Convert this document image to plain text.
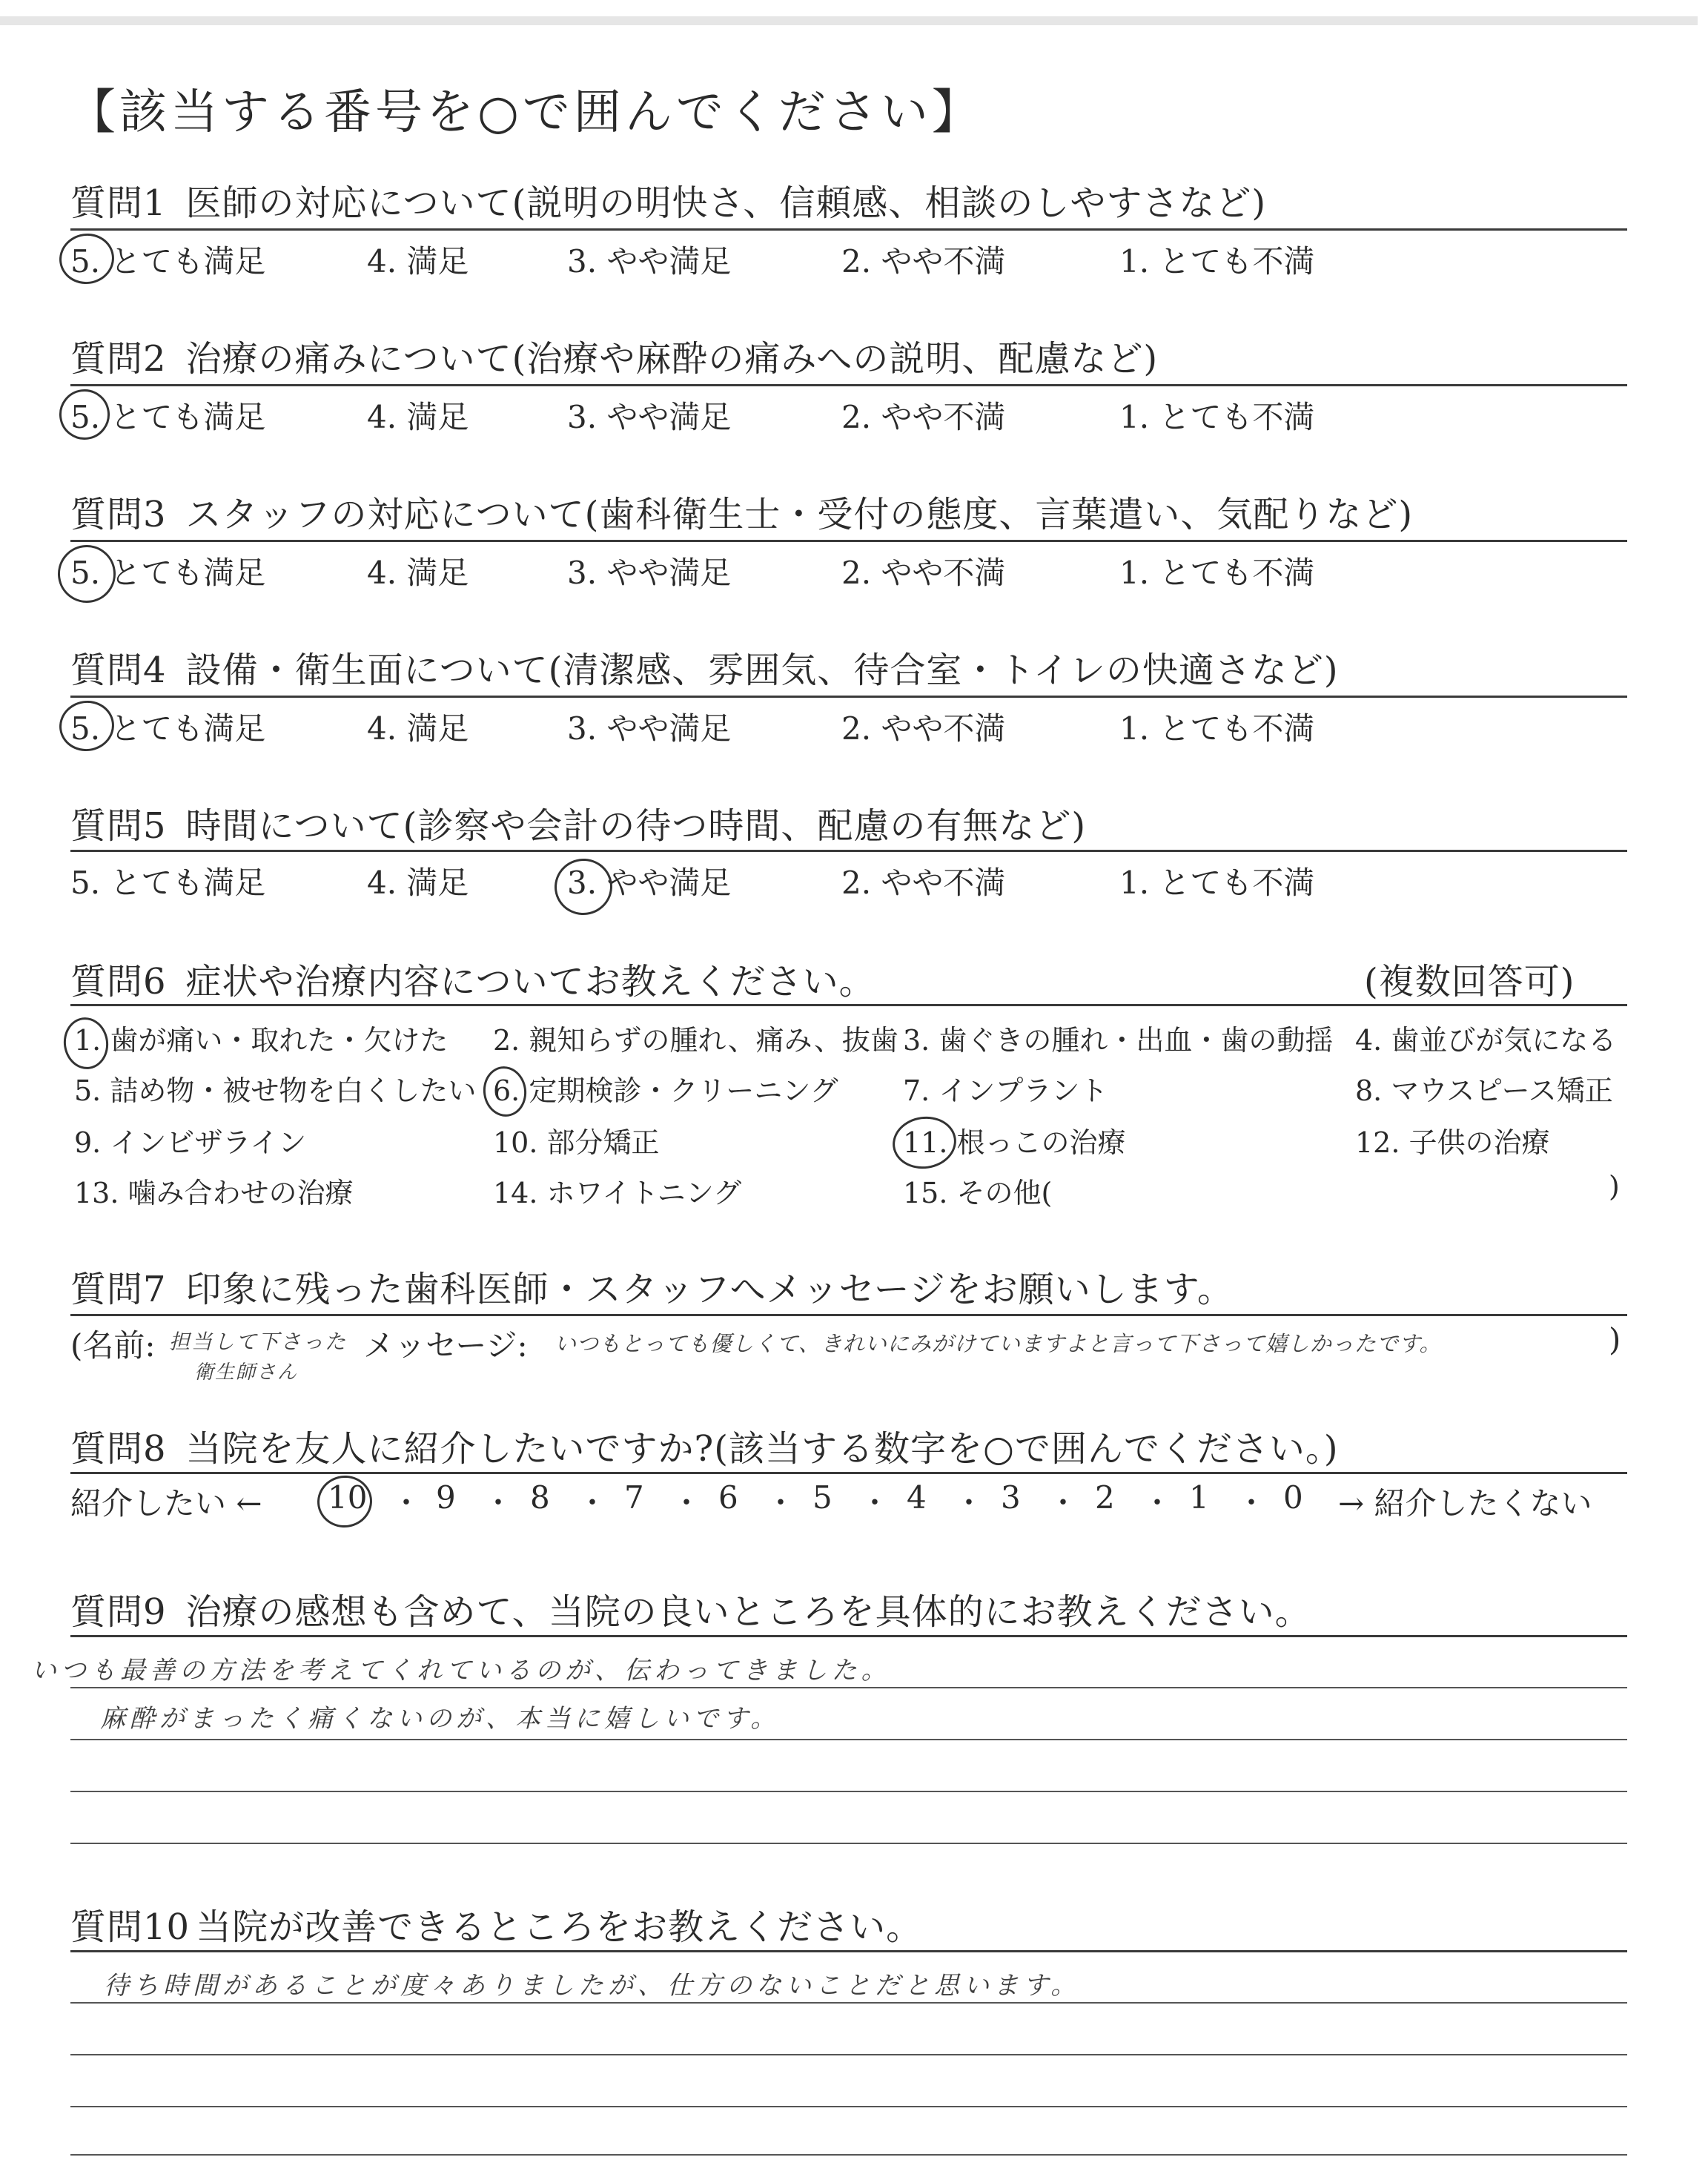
【該当する番号を○で囲んでください】
質問1 医師の対応について(説明の明快さ、信頼感、相談のしやすさなど)
5. とても満足	4. 満足	3. やや満足	2. やや不満	1. とても不満
質問2 治療の痛みについて(治療や麻酔の痛みへの説明、配慮など)
5. とても満足	4. 満足	3. やや満足	2. やや不満	1. とても不満
質問3 スタッフの対応について(歯科衛生士・受付の態度、言葉遣い、気配りなど)
5. とても満足	4. 満足	3. やや満足	2. やや不満	1. とても不満
質問4 設備・衛生面について(清潔感、雰囲気、待合室・トイレの快適さなど)
5. とても満足	4. 満足	3. やや満足	2. やや不満	1. とても不満
質問5 時間について(診察や会計の待つ時間、配慮の有無など)
5. とても満足	4. 満足	3. やや満足	2. やや不満	1. とても不満
質問6 症状や治療内容についてお教えください。	(複数回答可)
1. 歯が痛い・取れた・欠けた 2. 親知らずの腫れ、痛み、抜歯 3. 歯ぐきの腫れ・出血・歯の動揺 4. 歯並びが気になる
5. 詰め物・被せ物を白くしたい 6. 定期検診・クリーニング 7. インプラント	8. マウスピース矯正
9. インビザライン	10. 部分矯正	11. 根っこの治療	12. 子供の治療
13. 噛み合わせの治療	14. ホワイトニング	15. その他(	)
質問7 印象に残った歯科医師・スタッフへメッセージをお願いします。
(名前: 担当して下さった
衛生師さん
メッセージ: いつもとっても優しくて、きれいにみがけていますよと言って下さって嬉しかったです。	)
質問8 当院を友人に紹介したいですか?(該当する数字を○で囲んでください。)
紹介したい ← 10 9 8 7 6 5 4 3 2 1 0
・ ・ ・ ・ ・ ・ ・ ・ ・ ・ → 紹介したくない
質問9 治療の感想も含めて、当院の良いところを具体的にお教えください。
いつも最善の方法を考えてくれているのが、伝わってきました。
麻酔がまったく痛くないのが、本当に嬉しいです。
質問10 当院が改善できるところをお教えください。
待ち時間があることが度々ありましたが、仕方のないことだと思います。
